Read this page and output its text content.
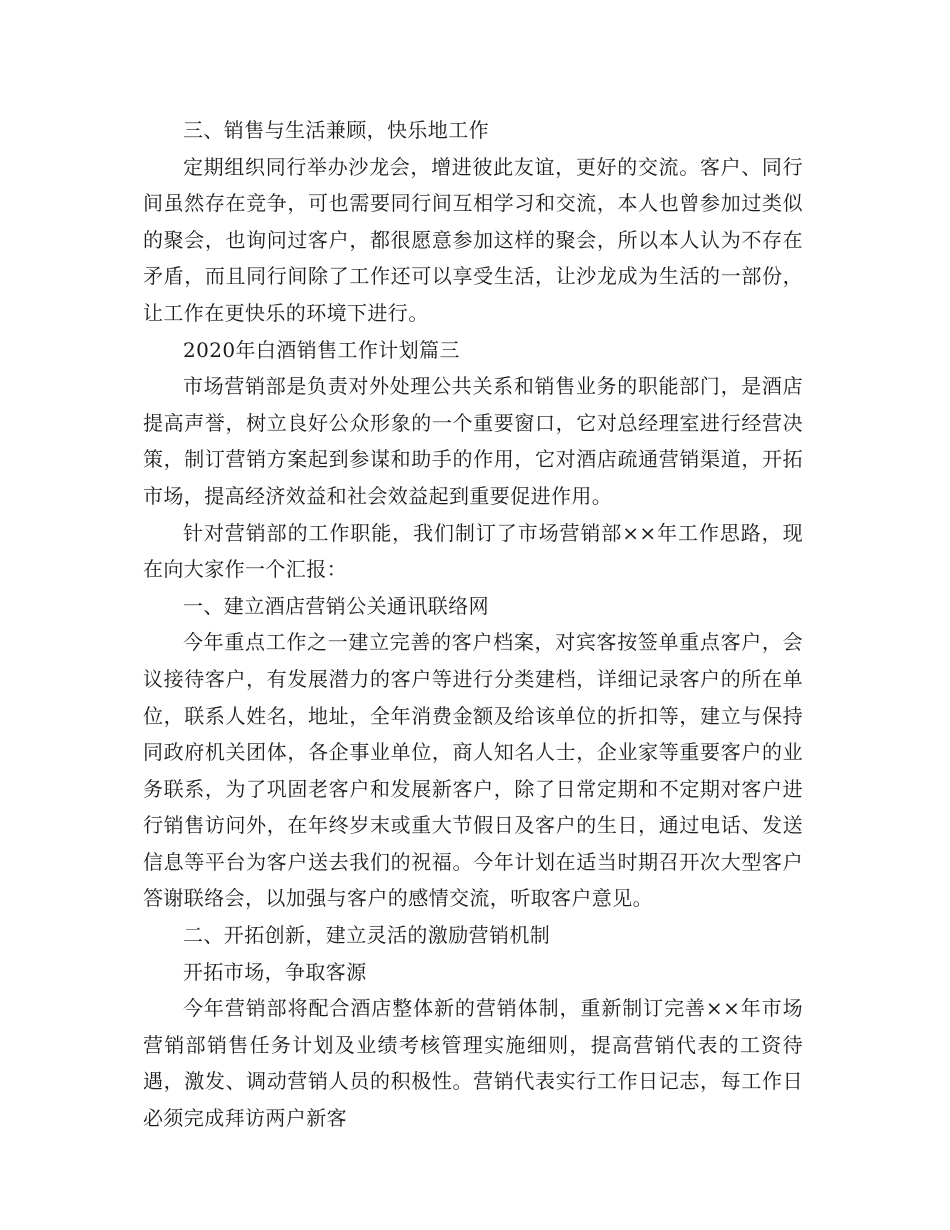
三、销售与生活兼顾，快乐地工作

定期组织同行举办沙龙会，增进彼此友谊，更好的交流。客户、同行间虽然存在竞争，可也需要同行间互相学习和交流，本人也曾参加过类似的聚会，也询问过客户，都很愿意参加这样的聚会，所以本人认为不存在矛盾，而且同行间除了工作还可以享受生活，让沙龙成为生活的一部份，让工作在更快乐的环境下进行。

2020年白酒销售工作计划篇三

市场营销部是负责对外处理公共关系和销售业务的职能部门，是酒店提高声誉，树立良好公众形象的一个重要窗口，它对总经理室进行经营决策，制订营销方案起到参谋和助手的作用，它对酒店疏通营销渠道，开拓市场，提高经济效益和社会效益起到重要促进作用。

针对营销部的工作职能，我们制订了市场营销部××年工作思路，现在向大家作一个汇报：

一、建立酒店营销公关通讯联络网

今年重点工作之一建立完善的客户档案，对宾客按签单重点客户，会议接待客户，有发展潜力的客户等进行分类建档，详细记录客户的所在单位，联系人姓名，地址，全年消费金额及给该单位的折扣等，建立与保持同政府机关团体，各企事业单位，商人知名人士，企业家等重要客户的业务联系，为了巩固老客户和发展新客户，除了日常定期和不定期对客户进行销售访问外，在年终岁末或重大节假日及客户的生日，通过电话、发送信息等平台为客户送去我们的祝福。今年计划在适当时期召开次大型客户答谢联络会，以加强与客户的感情交流，听取客户意见。

二、开拓创新，建立灵活的激励营销机制

开拓市场，争取客源

今年营销部将配合酒店整体新的营销体制，重新制订完善××年市场营销部销售任务计划及业绩考核管理实施细则，提高营销代表的工资待遇，激发、调动营销人员的积极性。营销代表实行工作日记志，每工作日必须完成拜访两户新客
